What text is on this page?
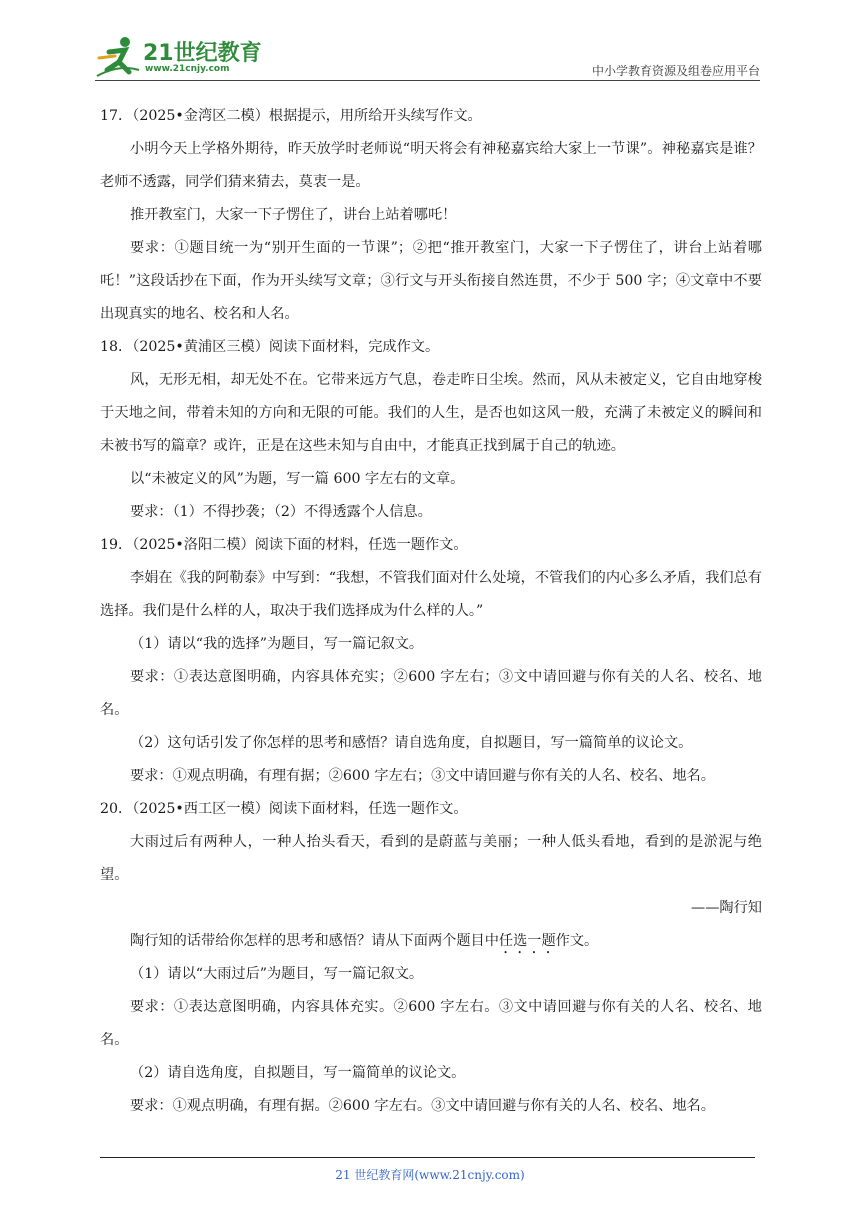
21世纪教育
www.21cnjy.com	中小学教育资源及组卷应用平台

17．（2025•金湾区二模）根据提示，用所给开头续写作文。

小明今天上学格外期待，昨天放学时老师说“明天将会有神秘嘉宾给大家上一节课”。神秘嘉宾是谁？老师不透露，同学们猜来猜去，莫衷一是。

推开教室门，大家一下子愣住了，讲台上站着哪吒！

要求：①题目统一为“别开生面的一节课”；②把“推开教室门，大家一下子愣住了，讲台上站着哪吒！”这段话抄在下面，作为开头续写文章；③行文与开头衔接自然连贯，不少于 500 字；④文章中不要出现真实的地名、校名和人名。

18．（2025•黄浦区三模）阅读下面材料，完成作文。

风，无形无相，却无处不在。它带来远方气息，卷走昨日尘埃。然而，风从未被定义，它自由地穿梭于天地之间，带着未知的方向和无限的可能。我们的人生，是否也如这风一般，充满了未被定义的瞬间和未被书写的篇章？或许，正是在这些未知与自由中，才能真正找到属于自己的轨迹。

以“未被定义的风”为题，写一篇 600 字左右的文章。

要求：（1）不得抄袭；（2）不得透露个人信息。

19．（2025•洛阳二模）阅读下面的材料，任选一题作文。

李娟在《我的阿勒泰》中写到：“我想，不管我们面对什么处境，不管我们的内心多么矛盾，我们总有选择。我们是什么样的人，取决于我们选择成为什么样的人。”

（1）请以“我的选择”为题目，写一篇记叙文。

要求：①表达意图明确，内容具体充实；②600 字左右；③文中请回避与你有关的人名、校名、地名。

（2）这句话引发了你怎样的思考和感悟？请自选角度，自拟题目，写一篇简单的议论文。

要求：①观点明确，有理有据；②600 字左右；③文中请回避与你有关的人名、校名、地名。

20．（2025•西工区一模）阅读下面材料，任选一题作文。

大雨过后有两种人，一种人抬头看天，看到的是蔚蓝与美丽；一种人低头看地，看到的是淤泥与绝望。

——陶行知

陶行知的话带给你怎样的思考和感悟？请从下面两个题目中任选一题作文。

（1）请以“大雨过后”为题目，写一篇记叙文。

要求：①表达意图明确，内容具体充实。②600 字左右。③文中请回避与你有关的人名、校名、地名。

（2）请自选角度，自拟题目，写一篇简单的议论文。

要求：①观点明确，有理有据。②600 字左右。③文中请回避与你有关的人名、校名、地名。

21 世纪教育网(www.21cnjy.com)
